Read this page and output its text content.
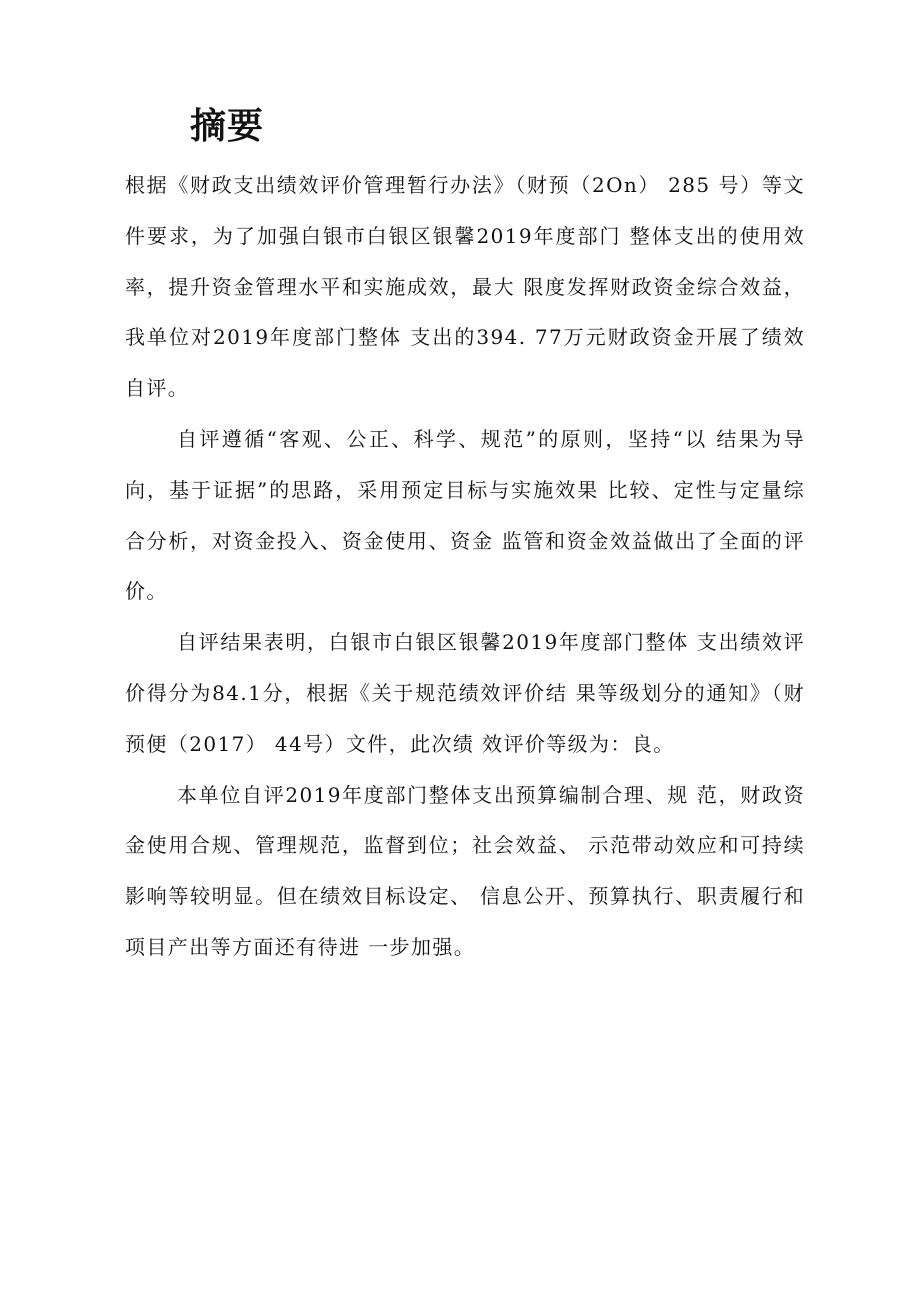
摘要

根据《财政支出绩效评价管理暂行办法》（财预（2On） 285 号）等文件要求，为了加强白银市白银区银馨2019年度部门 整体支出的使用效率，提升资金管理水平和实施成效，最大 限度发挥财政资金综合效益，我单位对2019年度部门整体 支出的394. 77万元财政资金开展了绩效自评。

自评遵循“客观、公正、科学、规范”的原则，坚持“以 结果为导向，基于证据”的思路，采用预定目标与实施效果 比较、定性与定量综合分析，对资金投入、资金使用、资金 监管和资金效益做出了全面的评价。

自评结果表明，白银市白银区银馨2019年度部门整体 支出绩效评价得分为84.1分，根据《关于规范绩效评价结 果等级划分的通知》（财预便（2017） 44号）文件，此次绩 效评价等级为：良。

本单位自评2019年度部门整体支出预算编制合理、规 范，财政资金使用合规、管理规范，监督到位；社会效益、 示范带动效应和可持续影响等较明显。但在绩效目标设定、 信息公开、预算执行、职责履行和项目产出等方面还有待进 一步加强。
